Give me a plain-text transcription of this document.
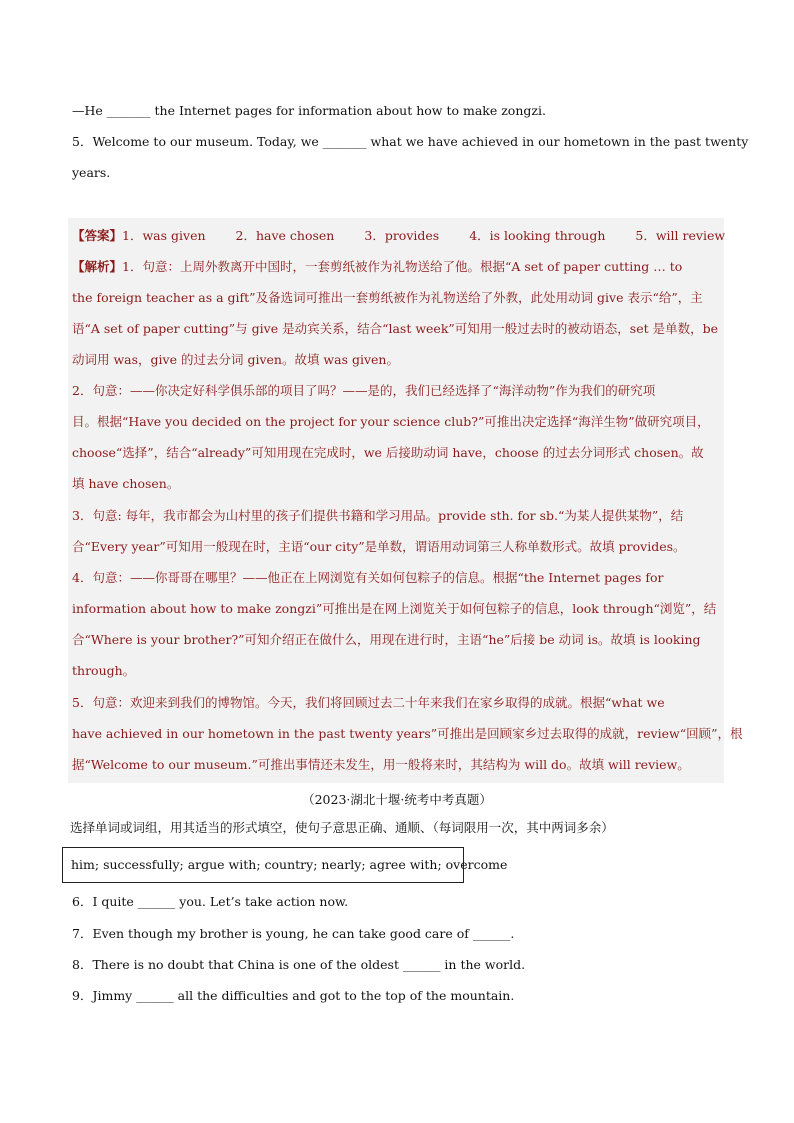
—He _______ the Internet pages for information about how to make zongzi.
5．Welcome to our museum. Today, we _______ what we have achieved in our hometown in the past twenty
years.
【答案】1．was given 2．have chosen 3．provides 4．is looking through 5．will review
【解析】1．句意：上周外教离开中国时，一套剪纸被作为礼物送给了他。根据“A set of paper cutting … to
the foreign teacher as a gift”及备选词可推出一套剪纸被作为礼物送给了外教，此处用动词 give 表示“给”，主
语“A set of paper cutting”与 give 是动宾关系，结合“last week”可知用一般过去时的被动语态，set 是单数，be
动词用 was，give 的过去分词 given。故填 was given。
2．句意：——你决定好科学俱乐部的项目了吗？——是的，我们已经选择了“海洋动物”作为我们的研究项
目。根据“Have you decided on the project for your science club?”可推出决定选择“海洋生物”做研究项目，
choose“选择”，结合“already”可知用现在完成时，we 后接助动词 have，choose 的过去分词形式 chosen。故
填 have chosen。
3．句意: 每年，我市都会为山村里的孩子们提供书籍和学习用品。provide sth. for sb.“为某人提供某物”，结
合“Every year”可知用一般现在时，主语“our city”是单数，谓语用动词第三人称单数形式。故填 provides。
4．句意：——你哥哥在哪里？——他正在上网浏览有关如何包粽子的信息。根据“the Internet pages for
information about how to make zongzi”可推出是在网上浏览关于如何包粽子的信息，look through“浏览”，结
合“Where is your brother?”可知介绍正在做什么，用现在进行时，主语“he”后接 be 动词 is。故填 is looking
through。
5．句意：欢迎来到我们的博物馆。今天，我们将回顾过去二十年来我们在家乡取得的成就。根据“what we
have achieved in our hometown in the past twenty years”可推出是回顾家乡过去取得的成就，review“回顾”，根
据“Welcome to our museum.”可推出事情还未发生，用一般将来时，其结构为 will do。故填 will review。
（2023·湖北十堰·统考中考真题）
选择单词或词组，用其适当的形式填空，使句子意思正确、通顺、（每词限用一次，其中两词多余）
him; successfully; argue with; country; nearly; agree with; overcome
6．I quite ______ you. Let’s take action now.
7．Even though my brother is young, he can take good care of ______.
8．There is no doubt that China is one of the oldest ______ in the world.
9．Jimmy ______ all the difficulties and got to the top of the mountain.
